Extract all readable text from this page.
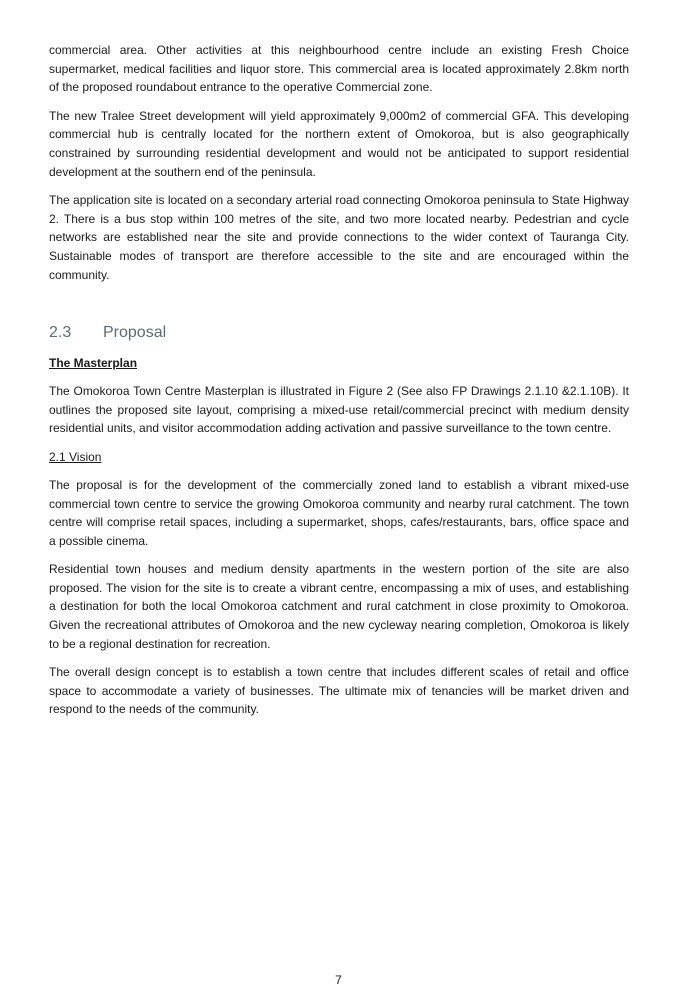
commercial area. Other activities at this neighbourhood centre include an existing Fresh Choice supermarket, medical facilities and liquor store. This commercial area is located approximately 2.8km north of the proposed roundabout entrance to the operative Commercial zone.

The new Tralee Street development will yield approximately 9,000m2 of commercial GFA. This developing commercial hub is centrally located for the northern extent of Omokoroa, but is also geographically constrained by surrounding residential development and would not be anticipated to support residential development at the southern end of the peninsula.

The application site is located on a secondary arterial road connecting Omokoroa peninsula to State Highway 2. There is a bus stop within 100 metres of the site, and two more located nearby. Pedestrian and cycle networks are established near the site and provide connections to the wider context of Tauranga City. Sustainable modes of transport are therefore accessible to the site and are encouraged within the community.

2.3	Proposal
The Masterplan

The Omokoroa Town Centre Masterplan is illustrated in Figure 2 (See also FP Drawings 2.1.10 &2.1.10B). It outlines the proposed site layout, comprising a mixed-use retail/commercial precinct with medium density residential units, and visitor accommodation adding activation and passive surveillance to the town centre.

2.1 Vision

The proposal is for the development of the commercially zoned land to establish a vibrant mixed-use commercial town centre to service the growing Omokoroa community and nearby rural catchment. The town centre will comprise retail spaces, including a supermarket, shops, cafes/restaurants, bars, office space and a possible cinema.

Residential town houses and medium density apartments in the western portion of the site are also proposed. The vision for the site is to create a vibrant centre, encompassing a mix of uses, and establishing a destination for both the local Omokoroa catchment and rural catchment in close proximity to Omokoroa. Given the recreational attributes of Omokoroa and the new cycleway nearing completion, Omokoroa is likely to be a regional destination for recreation.

The overall design concept is to establish a town centre that includes different scales of retail and office space to accommodate a variety of businesses. The ultimate mix of tenancies will be market driven and respond to the needs of the community.

7
